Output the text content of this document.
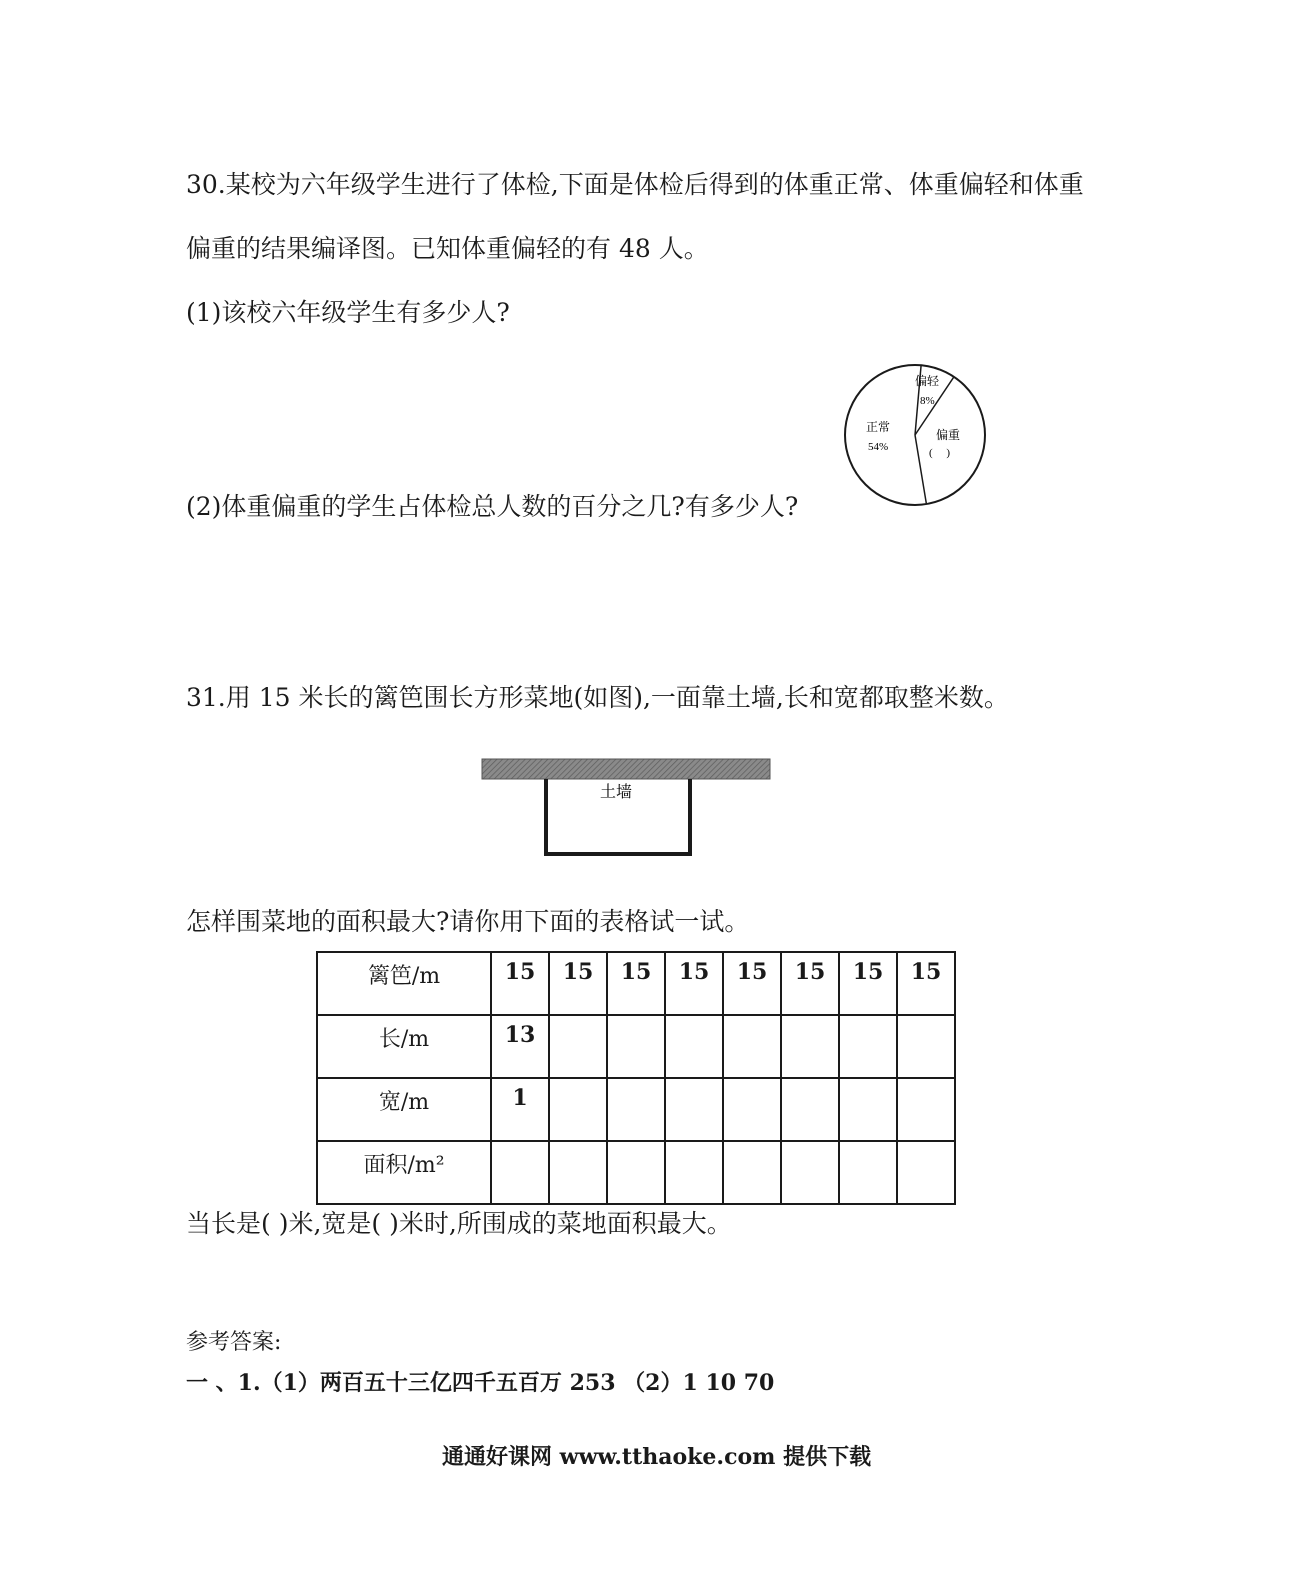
30.某校为六年级学生进行了体检,下面是体检后得到的体重正常、体重偏轻和体重
偏重的结果编译图。已知体重偏轻的有 48 人。
(1)该校六年级学生有多少人?
(2)体重偏重的学生占体检总人数的百分之几?有多少人?
正常
54%
偏轻
8%
偏重
(     )
31.用 15 米长的篱笆围长方形菜地(如图),一面靠土墙,长和宽都取整米数。
土墙
怎样围菜地的面积最大?请你用下面的表格试一试。
篱笆/m	15	15	15	15	15	15	15	15
长/m	13							
宽/m	1							
面积/m²								
当长是( )米,宽是( )米时,所围成的菜地面积最大。
参考答案:
一 、1.（1）两百五十三亿四千五百万 253 （2）1 10 70
通通好课网 www.tthaoke.com 提供下载
